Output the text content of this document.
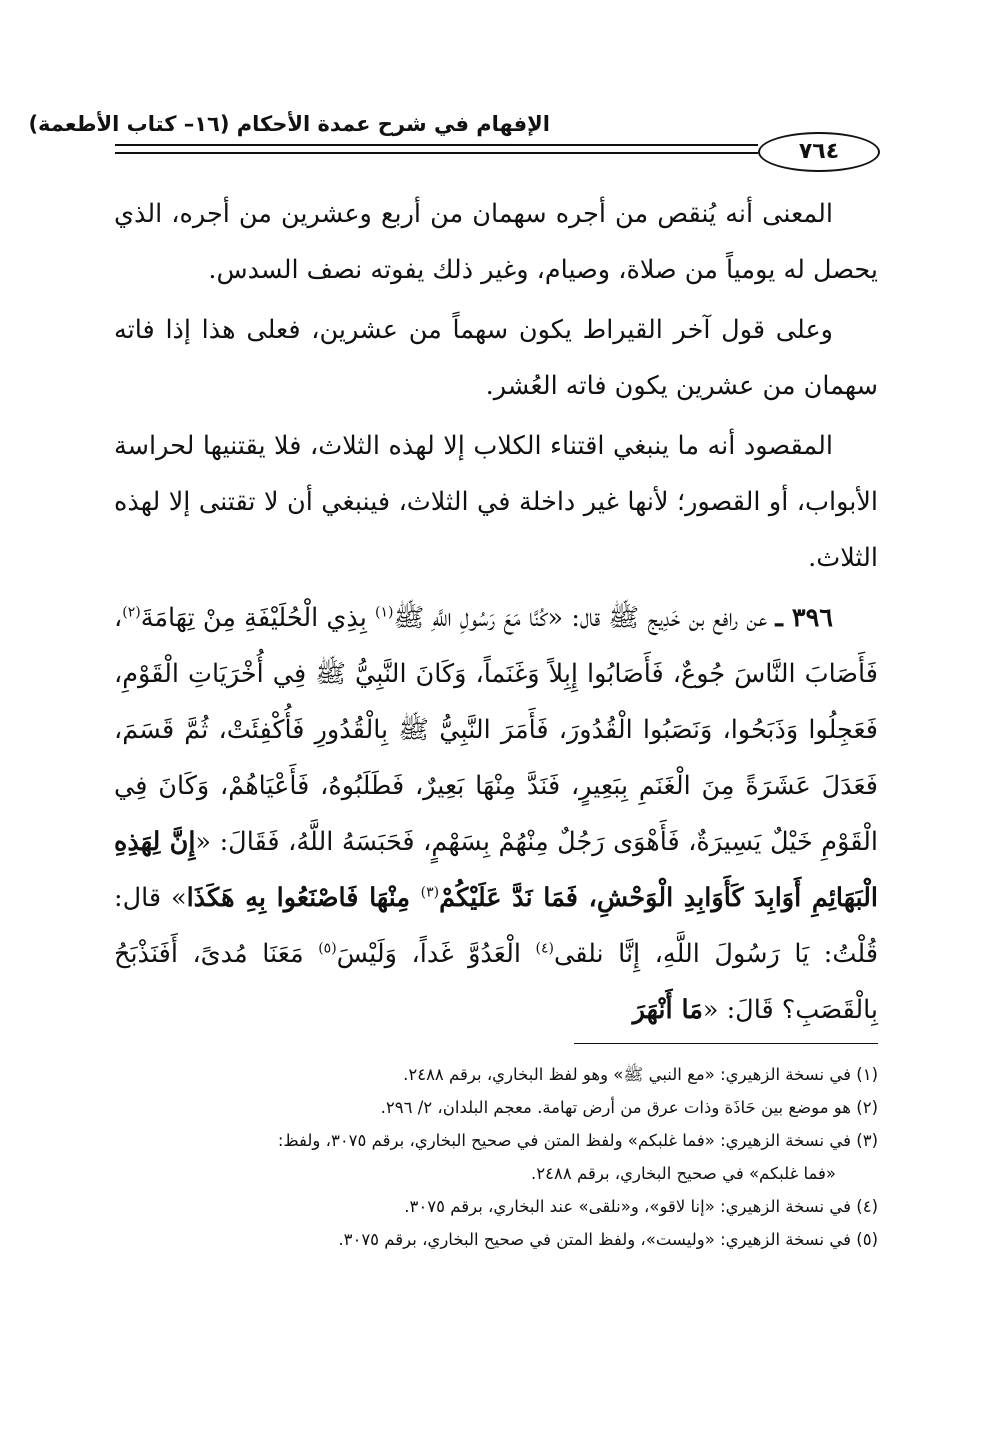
الإفهام في شرح عمدة الأحكام (١٦– كتاب الأطعمة)
٧٦٤

المعنى أنه يُنقص من أجره سهمان من أربع وعشرين من أجره، الذي يحصل له يومياً من صلاة، وصيام، وغير ذلك يفوته نصف السدس.

وعلى قول آخر القيراط يكون سهماً من عشرين، فعلى هذا إذا فاته سهمان من عشرين يكون فاته العُشر.

المقصود أنه ما ينبغي اقتناء الكلاب إلا لهذه الثلاث، فلا يقتنيها لحراسة الأبواب، أو القصور؛ لأنها غير داخلة في الثلاث، فينبغي أن لا تقتنى إلا لهذه الثلاث.

٣٩٦ ـ عن رافع بن خَدِيج ﷺ قال: «كُنَّا مَعَ رَسُولِ اللَّهِ ﷺ$^{(١)}$ بِذِي الْحُلَيْفَةِ مِنْ تِهَامَةَ$^{(٢)}$، فَأَصَابَ النَّاسَ جُوعٌ، فَأَصَابُوا إِبِلاً وَغَنَماً، وَكَانَ النَّبِيُّ ﷺ فِي أُخْرَيَاتِ الْقَوْمِ، فَعَجِلُوا وَذَبَحُوا، وَنَصَبُوا الْقُدُورَ، فَأَمَرَ النَّبِيُّ ﷺ بِالْقُدُورِ فَأُكْفِئَتْ، ثُمَّ قَسَمَ، فَعَدَلَ عَشَرَةً مِنَ الْغَنَمِ بِبَعِيرٍ، فَنَدَّ مِنْهَا بَعِيرٌ، فَطَلَبُوهُ، فَأَعْيَاهُمْ، وَكَانَ فِي الْقَوْمِ خَيْلٌ يَسِيرَةٌ، فَأَهْوَى رَجُلٌ مِنْهُمْ بِسَهْمٍ، فَحَبَسَهُ اللَّهُ، فَقَالَ: «إِنَّ لِهَذِهِ الْبَهَائِمِ أَوَابِدَ كَأَوَابِدِ الْوَحْشِ، فَمَا نَدَّ عَلَيْكُمْ$^{(٣)}$ مِنْهَا فَاصْنَعُوا بِهِ هَكَذَا» قال: قُلْتُ: يَا رَسُولَ اللَّهِ، إِنَّا نلقى$^{(٤)}$ الْعَدُوَّ غَداً، وَلَيْسَ$^{(٥)}$ مَعَنَا مُدىً، أَفَنَذْبَحُ بِالْقَصَبِ؟ قَالَ: «مَا أَنْهَرَ

(١) في نسخة الزهيري: «مع النبي ﷺ» وهو لفظ البخاري، برقم ٢٤٨٨.

(٢) هو موضع بين حَاذَة وذات عرق من أرض تهامة. معجم البلدان، ٢/ ٢٩٦.

(٣) في نسخة الزهيري: «فما غلبكم» ولفظ المتن في صحيح البخاري، برقم ٣٠٧٥، ولفظ:

«فما غلبكم» في صحيح البخاري، برقم ٢٤٨٨.

(٤) في نسخة الزهيري: «إنا لاقو»، و«نلقى» عند البخاري، برقم ٣٠٧٥.

(٥) في نسخة الزهيري: «وليست»، ولفظ المتن في صحيح البخاري، برقم ٣٠٧٥.
